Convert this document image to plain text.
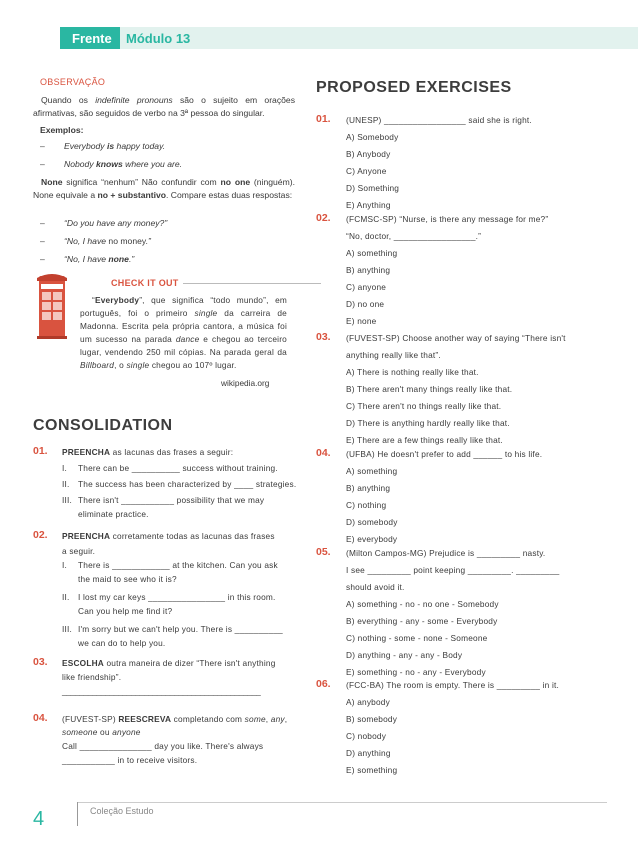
Frente A
Módulo 13
OBSERVAÇÃO
Quando os indefinite pronouns são o sujeito em orações afirmativas, são seguidos de verbo na 3ª pessoa do singular.
Exemplos:
– Everybody is happy today.
– Nobody knows where you are.
None significa “nenhum” Não confundir com no one (ninguém). None equivale a no + substantivo. Compare estas duas respostas:
– “Do you have any money?”
– “No, I have no money.”
– “No, I have none.”
CHECK IT OUT
“Everybody”, que significa “todo mundo”, em português, foi o primeiro single da carreira de Madonna. Escrita pela própria cantora, a música foi um sucesso na parada dance e chegou ao terceiro lugar, vendendo 250 mil cópias. Na parada geral da Billboard, o single chegou ao 107º lugar.
wikipedia.org
CONSOLIDATION
01. PREENCHA as lacunas das frases a seguir:
I. There can be __________ success without training.
II. The success has been characterized by ____ strategies.
III. There isn't ___________ possibility that we may
eliminate practice.
02. PREENCHA corretamente todas as lacunas das frases
a seguir.
I. There is ____________ at the kitchen. Can you ask
the maid to see who it is?
II. I lost my car keys ________________ in this room.
Can you help me find it?
III. I'm sorry but we can't help you. There is __________
we can do to help you.
03. ESCOLHA outra maneira de dizer “There isn't anything
like friendship”.
______________________________________________
04. (FUVEST-SP) REESCREVA completando com some, any,
someone ou anyone
Call _______________ day you like. There's always
___________ in to receive visitors.
PROPOSED EXERCISES
01. (UNESP) _________________ said she is right.
A) Somebody
B) Anybody
C) Anyone
D) Something
E) Anything
02. (FCMSC-SP) “Nurse, is there any message for me?”
“No, doctor, _________________.”
A) something
B) anything
C) anyone
D) no one
E) none
03. (FUVEST-SP) Choose another way of saying “There isn't
anything really like that”.
A) There is nothing really like that.
B) There aren't many things really like that.
C) There aren't no things really like that.
D) There is anything hardly really like that.
E) There are a few things really like that.
04. (UFBA) He doesn't prefer to add ______ to his life.
A) something
B) anything
C) nothing
D) somebody
E) everybody
05. (Milton Campos-MG) Prejudice is _________ nasty.
I see _________ point keeping _________. _________
should avoid it.
A) something - no - no one - Somebody
B) everything - any - some - Everybody
C) nothing - some - none - Someone
D) anything - any - any - Body
E) something - no - any - Everybody
06. (FCC-BA) The room is empty. There is _________ in it.
A) anybody
B) somebody
C) nobody
D) anything
E) something
4	Coleção Estudo
